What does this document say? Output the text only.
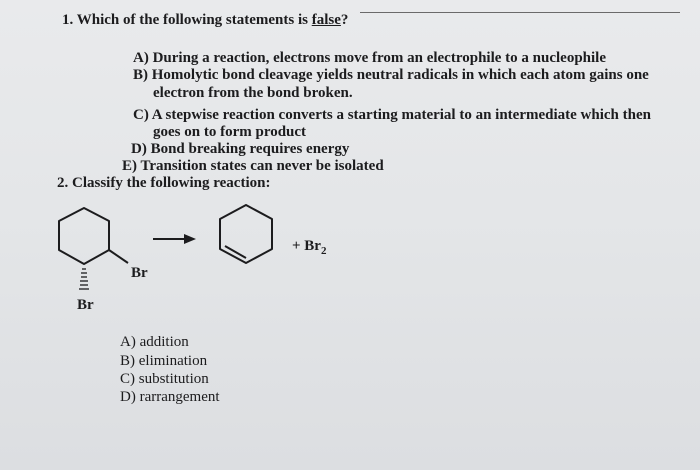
1. Which of the following statements is false?
A) During a reaction, electrons move from an electrophile to a nucleophile
B) Homolytic bond cleavage yields neutral radicals in which each atom gains one
electron from the bond broken.
C) A stepwise reaction converts a starting material to an intermediate which then
goes on to form product
D) Bond breaking requires energy
E) Transition states can never be isolated
2. Classify the following reaction:
Br
Br
+ $Br_2$
A) addition
B) elimination
C) substitution
D) rarrangement
